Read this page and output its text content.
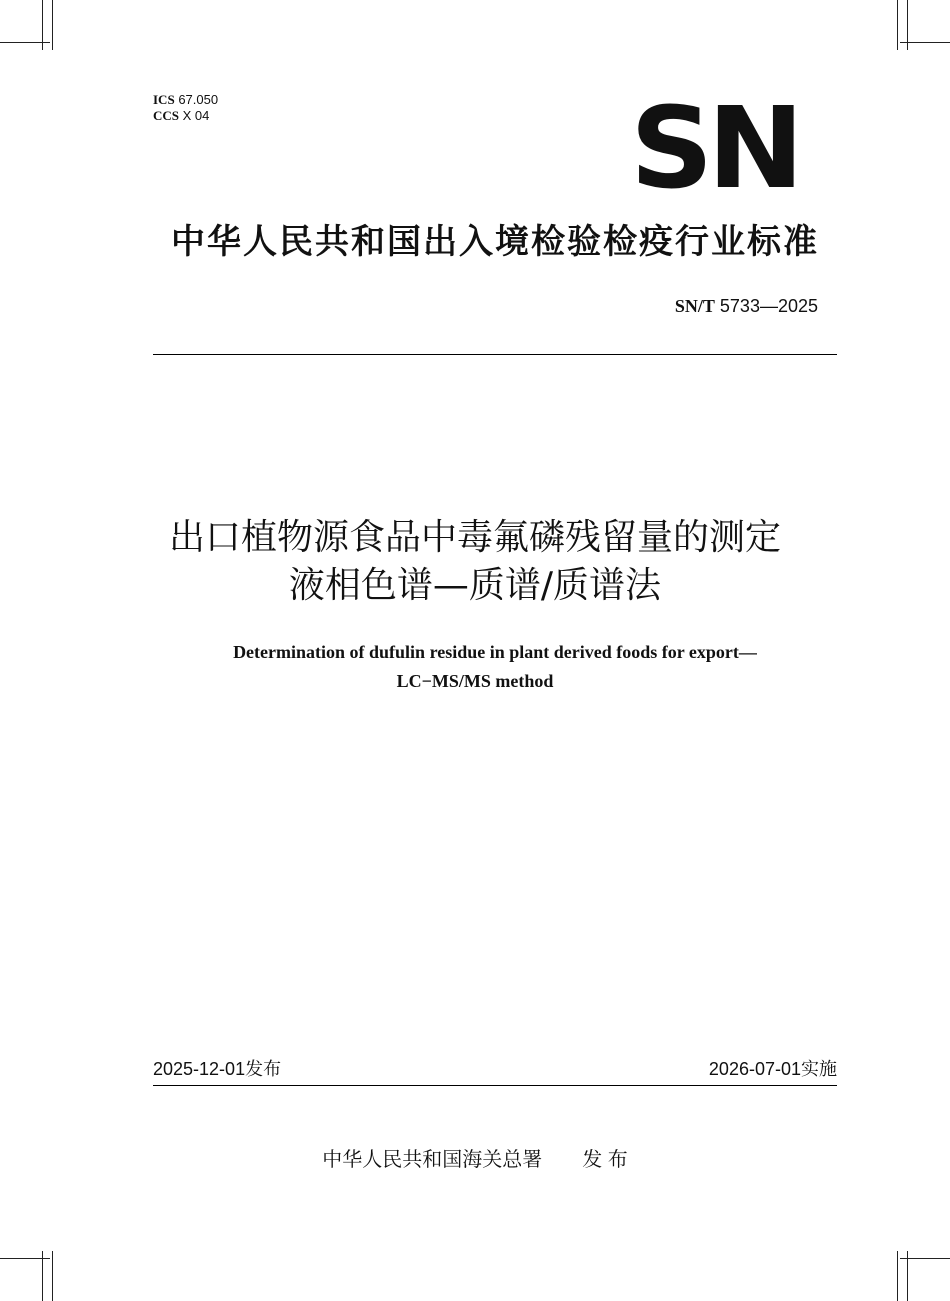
ICS 67.050
CCS X 04	SN
中华人民共和国出入境检验检疫行业标准
SN/T 5733—2025
出口植物源食品中毒氟磷残留量的测定
液相色谱—质谱/质谱法
Determination of dufulin residue in plant derived foods for export—
LC−MS/MS method
2025-12-01发布	2026-07-01实施
中华人民共和国海关总署 发 布
